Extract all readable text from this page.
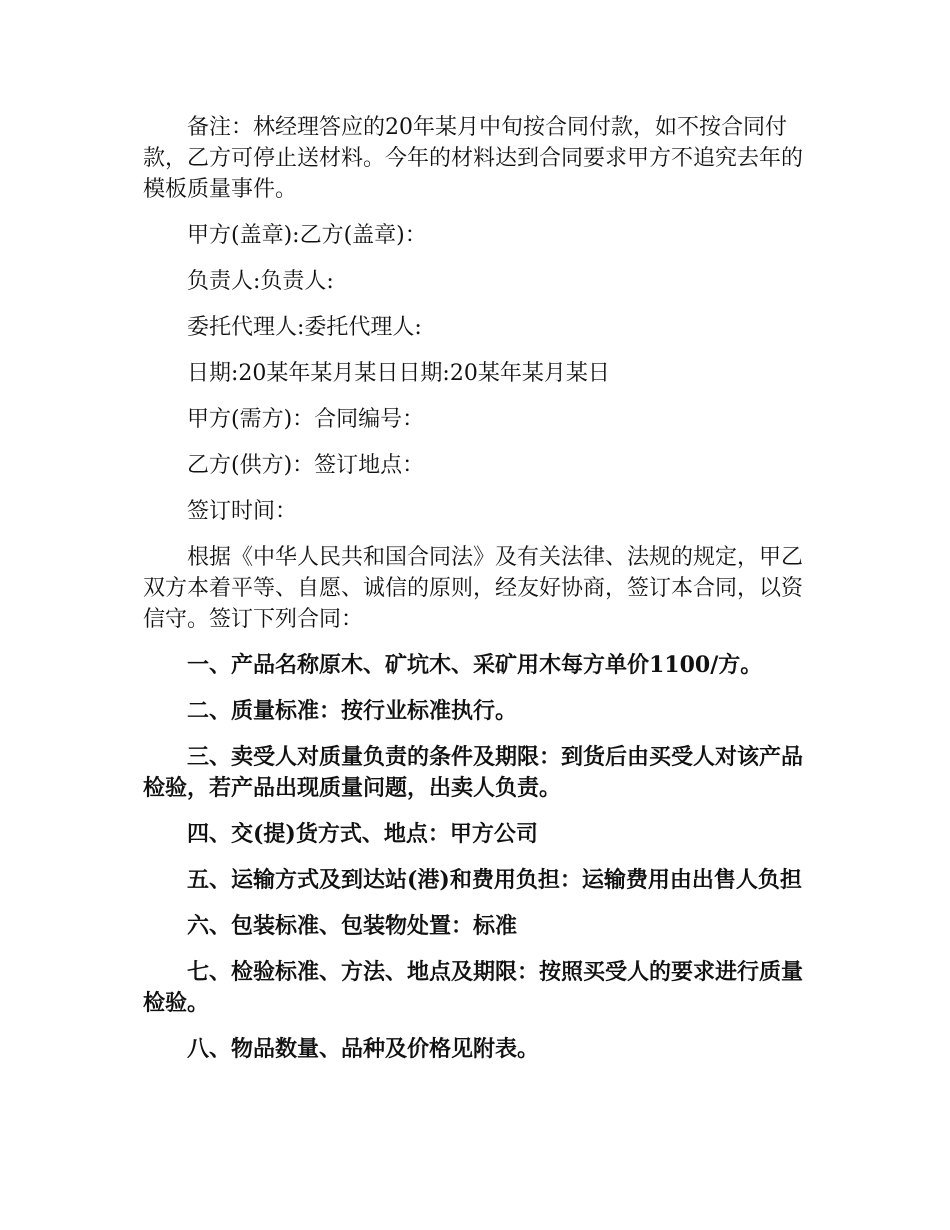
备注：林经理答应的20年某月中旬按合同付款，如不按合同付款，乙方可停止送材料。今年的材料达到合同要求甲方不追究去年的模板质量事件。

甲方(盖章):乙方(盖章)：

负责人:负责人:

委托代理人:委托代理人:

日期:20某年某月某日日期:20某年某月某日

甲方(需方)：合同编号：

乙方(供方)：签订地点：

签订时间：

根据《中华人民共和国合同法》及有关法律、法规的规定，甲乙双方本着平等、自愿、诚信的原则，经友好协商，签订本合同，以资信守。签订下列合同：

一、产品名称原木、矿坑木、采矿用木每方单价1100/方。

二、质量标准：按行业标准执行。

三、卖受人对质量负责的条件及期限：到货后由买受人对该产品检验，若产品出现质量问题，出卖人负责。

四、交(提)货方式、地点：甲方公司

五、运输方式及到达站(港)和费用负担：运输费用由出售人负担

六、包装标准、包装物处置：标准

七、检验标准、方法、地点及期限：按照买受人的要求进行质量检验。

八、物品数量、品种及价格见附表。
